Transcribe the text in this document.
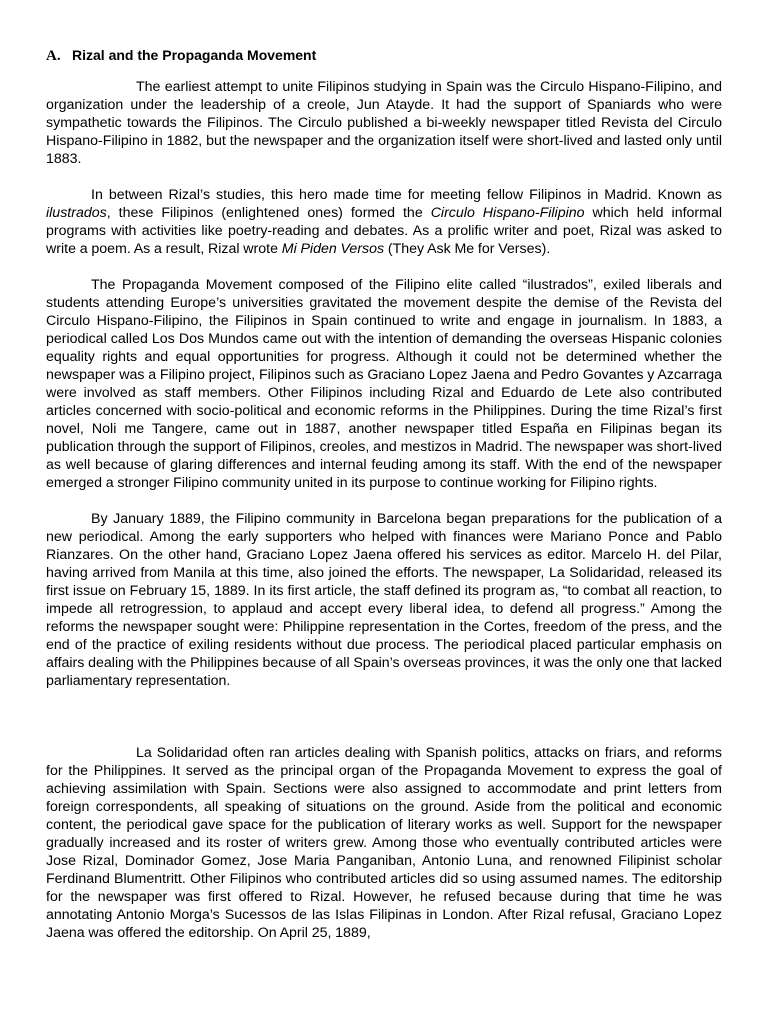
A. Rizal and the Propaganda Movement

The earliest attempt to unite Filipinos studying in Spain was the Circulo Hispano-Filipino, and organization under the leadership of a creole, Jun Atayde. It had the support of Spaniards who were sympathetic towards the Filipinos. The Circulo published a bi-weekly newspaper titled Revista del Circulo Hispano-Filipino in 1882, but the newspaper and the organization itself were short-lived and lasted only until 1883.

In between Rizal’s studies, this hero made time for meeting fellow Filipinos in Madrid. Known as ilustrados, these Filipinos (enlightened ones) formed the Circulo Hispano-Filipino which held informal programs with activities like poetry-reading and debates. As a prolific writer and poet, Rizal was asked to write a poem. As a result, Rizal wrote Mi Piden Versos (They Ask Me for Verses).

The Propaganda Movement composed of the Filipino elite called “ilustrados”, exiled liberals and students attending Europe’s universities gravitated the movement despite the demise of the Revista del Circulo Hispano-Filipino, the Filipinos in Spain continued to write and engage in journalism. In 1883, a periodical called Los Dos Mundos came out with the intention of demanding the overseas Hispanic colonies equality rights and equal opportunities for progress. Although it could not be determined whether the newspaper was a Filipino project, Filipinos such as Graciano Lopez Jaena and Pedro Govantes y Azcarraga were involved as staff members. Other Filipinos including Rizal and Eduardo de Lete also contributed articles concerned with socio-political and economic reforms in the Philippines. During the time Rizal’s first novel, Noli me Tangere, came out in 1887, another newspaper titled España en Filipinas began its publication through the support of Filipinos, creoles, and mestizos in Madrid. The newspaper was short-lived as well because of glaring differences and internal feuding among its staff. With the end of the newspaper emerged a stronger Filipino community united in its purpose to continue working for Filipino rights.

By January 1889, the Filipino community in Barcelona began preparations for the publication of a new periodical. Among the early supporters who helped with finances were Mariano Ponce and Pablo Rianzares. On the other hand, Graciano Lopez Jaena offered his services as editor. Marcelo H. del Pilar, having arrived from Manila at this time, also joined the efforts. The newspaper, La Solidaridad, released its first issue on February 15, 1889. In its first article, the staff defined its program as, “to combat all reaction, to impede all retrogression, to applaud and accept every liberal idea, to defend all progress.” Among the reforms the newspaper sought were: Philippine representation in the Cortes, freedom of the press, and the end of the practice of exiling residents without due process. The periodical placed particular emphasis on affairs dealing with the Philippines because of all Spain’s overseas provinces, it was the only one that lacked parliamentary representation.

La Solidaridad often ran articles dealing with Spanish politics, attacks on friars, and reforms for the Philippines. It served as the principal organ of the Propaganda Movement to express the goal of achieving assimilation with Spain. Sections were also assigned to accommodate and print letters from foreign correspondents, all speaking of situations on the ground. Aside from the political and economic content, the periodical gave space for the publication of literary works as well. Support for the newspaper gradually increased and its roster of writers grew. Among those who eventually contributed articles were Jose Rizal, Dominador Gomez, Jose Maria Panganiban, Antonio Luna, and renowned Filipinist scholar Ferdinand Blumentritt. Other Filipinos who contributed articles did so using assumed names. The editorship for the newspaper was first offered to Rizal. However, he refused because during that time he was annotating Antonio Morga’s Sucessos de las Islas Filipinas in London. After Rizal refusal, Graciano Lopez Jaena was offered the editorship. On April 25, 1889,
